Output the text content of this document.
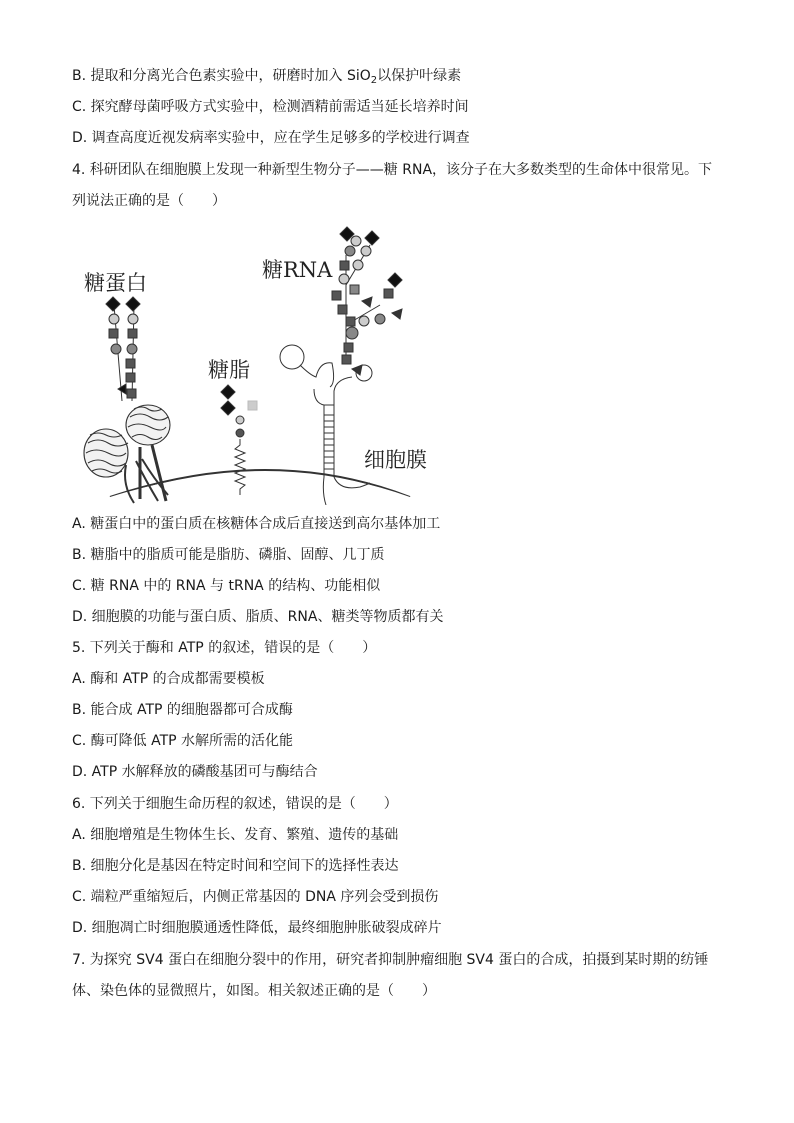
B. 提取和分离光合色素实验中，研磨时加入 SiO$_2$以保护叶绿素
C. 探究酵母菌呼吸方式实验中，检测酒精前需适当延长培养时间
D. 调查高度近视发病率实验中，应在学生足够多的学校进行调查
4. 科研团队在细胞膜上发现一种新型生物分子——糖 RNA，该分子在大多数类型的生命体中很常见。下
列说法正确的是（　　）
糖蛋白
糖脂
糖RNA
细胞膜
A. 糖蛋白中的蛋白质在核糖体合成后直接送到高尔基体加工
B. 糖脂中的脂质可能是脂肪、磷脂、固醇、几丁质
C. 糖 RNA 中的 RNA 与 tRNA 的结构、功能相似
D. 细胞膜的功能与蛋白质、脂质、RNA、糖类等物质都有关
5. 下列关于酶和 ATP 的叙述，错误的是（　　）
A. 酶和 ATP 的合成都需要模板
B. 能合成 ATP 的细胞器都可合成酶
C. 酶可降低 ATP 水解所需的活化能
D. ATP 水解释放的磷酸基团可与酶结合
6. 下列关于细胞生命历程的叙述，错误的是（　　）
A. 细胞增殖是生物体生长、发育、繁殖、遗传的基础
B. 细胞分化是基因在特定时间和空间下的选择性表达
C. 端粒严重缩短后，内侧正常基因的 DNA 序列会受到损伤
D. 细胞凋亡时细胞膜通透性降低，最终细胞肿胀破裂成碎片
7. 为探究 SV4 蛋白在细胞分裂中的作用，研究者抑制肿瘤细胞 SV4 蛋白的合成，拍摄到某时期的纺锤
体、染色体的显微照片，如图。相关叙述正确的是（　　）
